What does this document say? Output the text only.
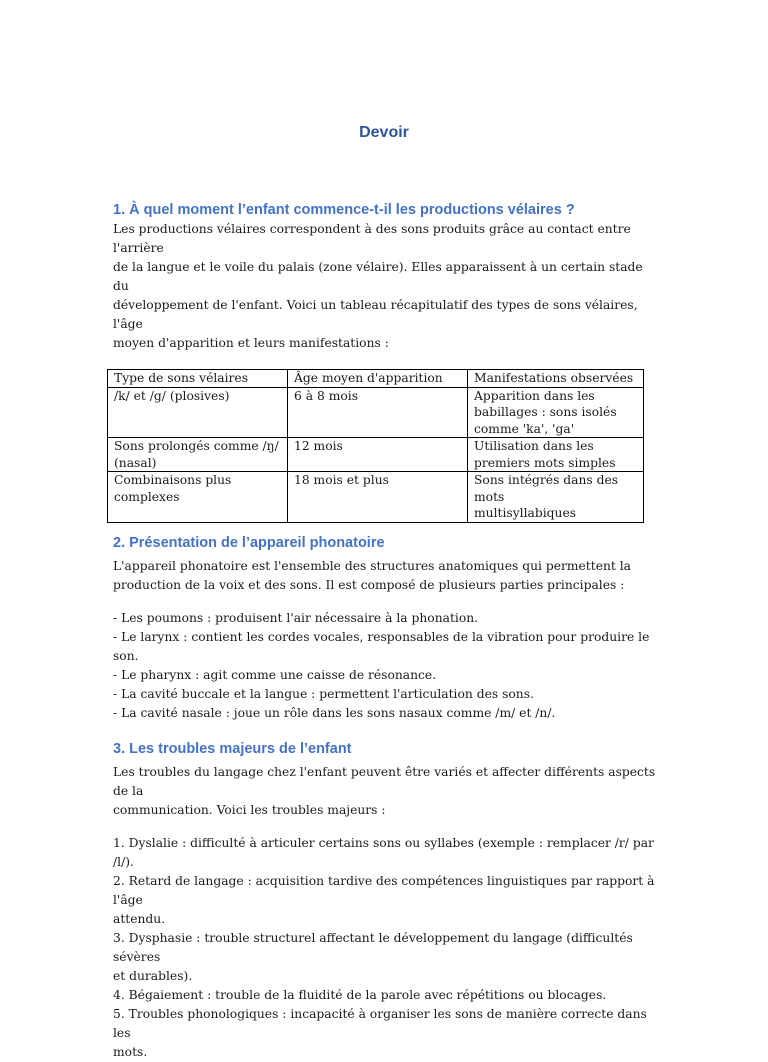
Devoir
1. À quel moment l’enfant commence-t-il les productions vélaires ?

Les productions vélaires correspondent à des sons produits grâce au contact entre l'arrière
de la langue et le voile du palais (zone vélaire). Elles apparaissent à un certain stade du
développement de l'enfant. Voici un tableau récapitulatif des types de sons vélaires, l'âge
moyen d'apparition et leurs manifestations :

Type de sons vélaires	Âge moyen d'apparition	Manifestations observées
/k/ et /g/ (plosives)	6 à 8 mois	Apparition dans les
babillages : sons isolés
comme 'ka', 'ga'
Sons prolongés comme /ŋ/
(nasal)	12 mois	Utilisation dans les
premiers mots simples
Combinaisons plus
complexes	18 mois et plus	Sons intégrés dans des mots
multisyllabiques
2. Présentation de l’appareil phonatoire

L'appareil phonatoire est l'ensemble des structures anatomiques qui permettent la
production de la voix et des sons. Il est composé de plusieurs parties principales :

- Les poumons : produisent l'air nécessaire à la phonation.
- Le larynx : contient les cordes vocales, responsables de la vibration pour produire le son.
- Le pharynx : agit comme une caisse de résonance.
- La cavité buccale et la langue : permettent l'articulation des sons.
- La cavité nasale : joue un rôle dans les sons nasaux comme /m/ et /n/.
3. Les troubles majeurs de l’enfant

Les troubles du langage chez l'enfant peuvent être variés et affecter différents aspects de la
communication. Voici les troubles majeurs :

1. Dyslalie : difficulté à articuler certains sons ou syllabes (exemple : remplacer /r/ par /l/).
2. Retard de langage : acquisition tardive des compétences linguistiques par rapport à l'âge
attendu.
3. Dysphasie : trouble structurel affectant le développement du langage (difficultés sévères
et durables).
4. Bégaiement : trouble de la fluidité de la parole avec répétitions ou blocages.
5. Troubles phonologiques : incapacité à organiser les sons de manière correcte dans les
mots.
